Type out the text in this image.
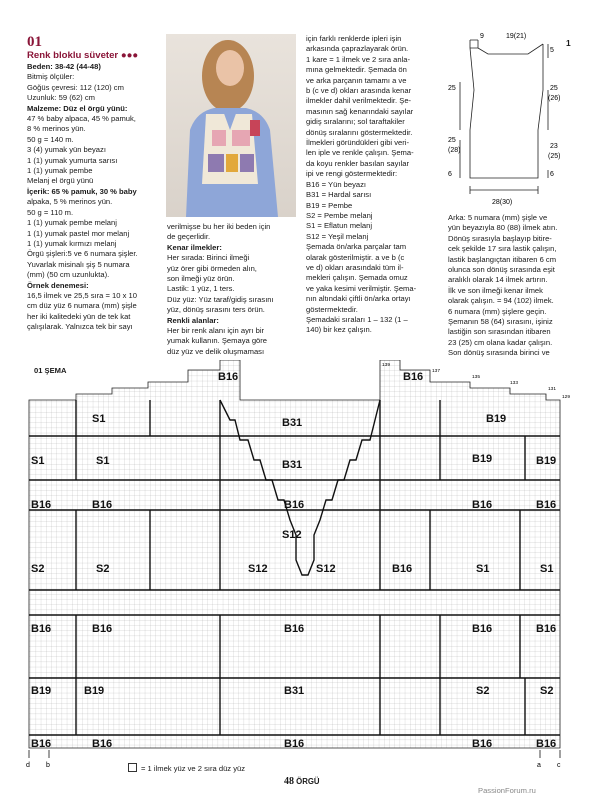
01

Renk bloklu süveter ●●●

Beden: 38-42 (44-48)

Bitmiş ölçüler:

Göğüs çevresi: 112 (120) cm

Uzunluk: 59 (62) cm

Malzeme: Düz el örgü yünü:

47 % baby alpaca, 45 % pamuk,

8 % merinos yün.

50 g = 140 m.

3 (4) yumak yün beyazı

1 (1) yumak yumurta sarısı

1 (1) yumak pembe

Melanj el örgü yünü

İçerik: 65 % pamuk, 30 % baby

alpaka, 5 % merinos yün.

50 g = 110 m.

1 (1) yumak pembe melanj

1 (1) yumak pastel mor melanj

1 (1) yumak kırmızı melanj

Örgü şişleri:5 ve 6 numara şişler.

Yuvarlak misinalı şiş 5 numara

(mm) (50 cm uzunlukta).

Örnek denemesi:

16,5 ilmek ve 25,5 sıra = 10 x 10

cm düz yüz 6 numara (mm) şişle

her iki kalitedeki yün de tek kat

çalışılarak. Yalnızca tek bir sayı

verilmişse bu her iki beden için

de geçerlidir.

Kenar ilmekler:

Her sırada: Birinci ilmeği

yüz örer gibi örmeden alın,

son ilmeği yüz örün.

Lastik: 1 yüz, 1 ters.

Düz yüz: Yüz taraf/gidiş sırasını

yüz, dönüş sırasını ters örün.

Renkli alanlar:

Her bir renk alanı için ayrı bir

yumak kullanın. Şemaya göre

düz yüz ve delik oluşmaması

için farklı renklerde ipleri işin

arkasında çaprazlayarak örün.

1 kare = 1 ilmek ve 2 sıra anla-

mına gelmektedir. Şemada ön

ve arka parçanın tamamı a ve

b (c ve d) okları arasında kenar

ilmekler dahil verilmektedir. Şe-

masının sağ kenarındaki sayılar

gidiş sıralarını; sol taraftakiler

dönüş sıralarını göstermektedir.

İlmekleri göründükleri gibi veri-

len iple ve renkle çalışın. Şema-

da koyu renkler basılan sayılar

ipi ve rengi göstermektedir:

B16 = Yün beyazı

B31 = Hardal sarısı

B19 = Pembe

S2 = Pembe melanj

S1 = Eflatun melanj

S12 = Yeşil melanj

Şemada ön/arka parçalar tam

olarak gösterilmiştir. a ve b (c

ve d) okları arasındaki tüm il-

mekleri çalışın. Şemada omuz

ve yaka kesimi verilmiştir. Şema-

nın altındaki çiftli ön/arka ortayı

göstermektedir.

Şemadaki sıraları 1 – 132 (1 –

140) bir kez çalışın.

1
9	19(21)
5
25
(26)
23
(25)
6
25
25
(28)
6
28(30)

Arka: 5 numara (mm) şişle ve

yün beyazıyla 80 (88) ilmek atın.

Dönüş sırasıyla başlayıp bitire-

cek şekilde 17 sıra lastik çalışın,

lastik başlangıçtan itibaren 6 cm

olunca son dönüş sırasında eşit

aralıklı olarak 14 ilmek artırın.

İlk ve son ilmeği kenar ilmek

olarak çalışın. = 94 (102) ilmek.

6 numara (mm) şişlere geçin.

Şemanın 58 (64) sırasını, işiniz

lastiğin son sırasından itibaren

23 (25) cm olana kadar çalışın.

Son dönüş sırasında birinci ve

01 ŞEMA
139
137
135
133
131
129
B16	B16
B31
S1	B19
S1	S1	B31	B19	B19
B16	B16	B16	B16	B16
S12
S2	S2	S12	S12	B16	S1	S1
B16	B16	B16	B16	B16
B19	B19	B31	S2	S2
B16	B16	B16	B16	B16
d b	a c
= 1 ilmek yüz ve 2 sıra düz yüz
48 ÖRGÜ
PassionForum.ru
